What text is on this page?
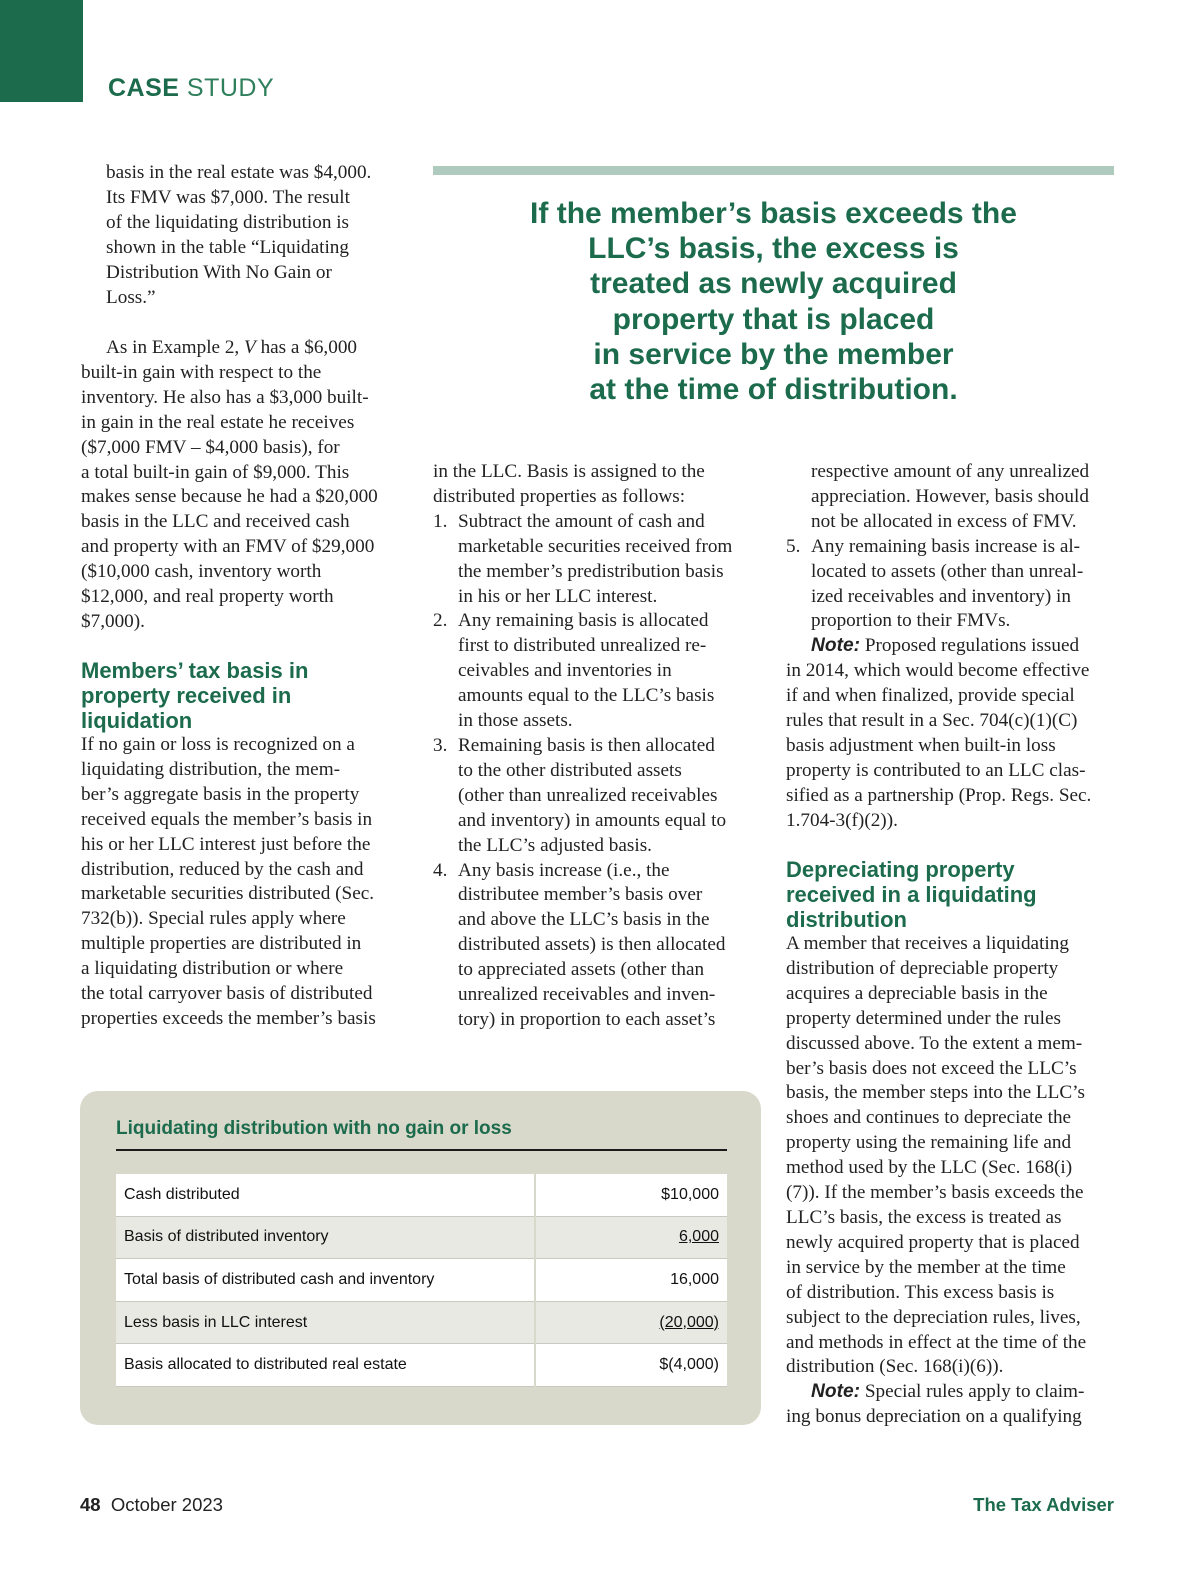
CASE STUDY

basis in the real estate was $4,000.
Its FMV was $7,000. The result
of the liquidating distribution is
shown in the table “Liquidating
Distribution With No Gain or
Loss.”

As in Example 2, V has a $6,000

built-in gain with respect to the
inventory. He also has a $3,000 built-
in gain in the real estate he receives
($7,000 FMV – $4,000 basis), for
a total built-in gain of $9,000. This
makes sense because he had a $20,000
basis in the LLC and received cash
and property with an FMV of $29,000
($10,000 cash, inventory worth
$12,000, and real property worth
$7,000).

Members’ tax basis in
property received in
liquidation

If no gain or loss is recognized on a
liquidating distribution, the mem-
ber’s aggregate basis in the property
received equals the member’s basis in
his or her LLC interest just before the
distribution, reduced by the cash and
marketable securities distributed (Sec.
732(b)). Special rules apply where
multiple properties are distributed in
a liquidating distribution or where
the total carryover basis of distributed
properties exceeds the member’s basis

If the member’s basis exceeds the
LLC’s basis, the excess is
treated as newly acquired
property that is placed
in service by the member
at the time of distribution.

in the LLC. Basis is assigned to the
distributed properties as follows:

1. Subtract the amount of cash and
marketable securities received from
the member’s predistribution basis
in his or her LLC interest.
2. Any remaining basis is allocated
first to distributed unrealized re-
ceivables and inventories in
amounts equal to the LLC’s basis
in those assets.
3. Remaining basis is then allocated
to the other distributed assets
(other than unrealized receivables
and inventory) in amounts equal to
the LLC’s adjusted basis.
4. Any basis increase (i.e., the
distributee member’s basis over
and above the LLC’s basis in the
distributed assets) is then allocated
to appreciated assets (other than
unrealized receivables and inven-
tory) in proportion to each asset’s

respective amount of any unrealized
appreciation. However, basis should
not be allocated in excess of FMV.

5. Any remaining basis increase is al-
located to assets (other than unreal-
ized receivables and inventory) in
proportion to their FMVs.

Note: Proposed regulations issued

in 2014, which would become effective
if and when finalized, provide special
rules that result in a Sec. 704(c)(1)(C)
basis adjustment when built-in loss
property is contributed to an LLC clas-
sified as a partnership (Prop. Regs. Sec.
1.704-3(f)(2)).

Depreciating property
received in a liquidating
distribution

A member that receives a liquidating
distribution of depreciable property
acquires a depreciable basis in the
property determined under the rules
discussed above. To the extent a mem-
ber’s basis does not exceed the LLC’s
basis, the member steps into the LLC’s
shoes and continues to depreciate the
property using the remaining life and
method used by the LLC (Sec. 168(i)
(7)). If the member’s basis exceeds the
LLC’s basis, the excess is treated as
newly acquired property that is placed
in service by the member at the time
of distribution. This excess basis is
subject to the depreciation rules, lives,
and methods in effect at the time of the
distribution (Sec. 168(i)(6)).

Note: Special rules apply to claim-

ing bonus depreciation on a qualifying

Liquidating distribution with no gain or loss
Cash distributed	$10,000
Basis of distributed inventory	6,000
Total basis of distributed cash and inventory	16,000
Less basis in LLC interest	(20,000)
Basis allocated to distributed real estate	$(4,000)
48 October 2023	The Tax Adviser
